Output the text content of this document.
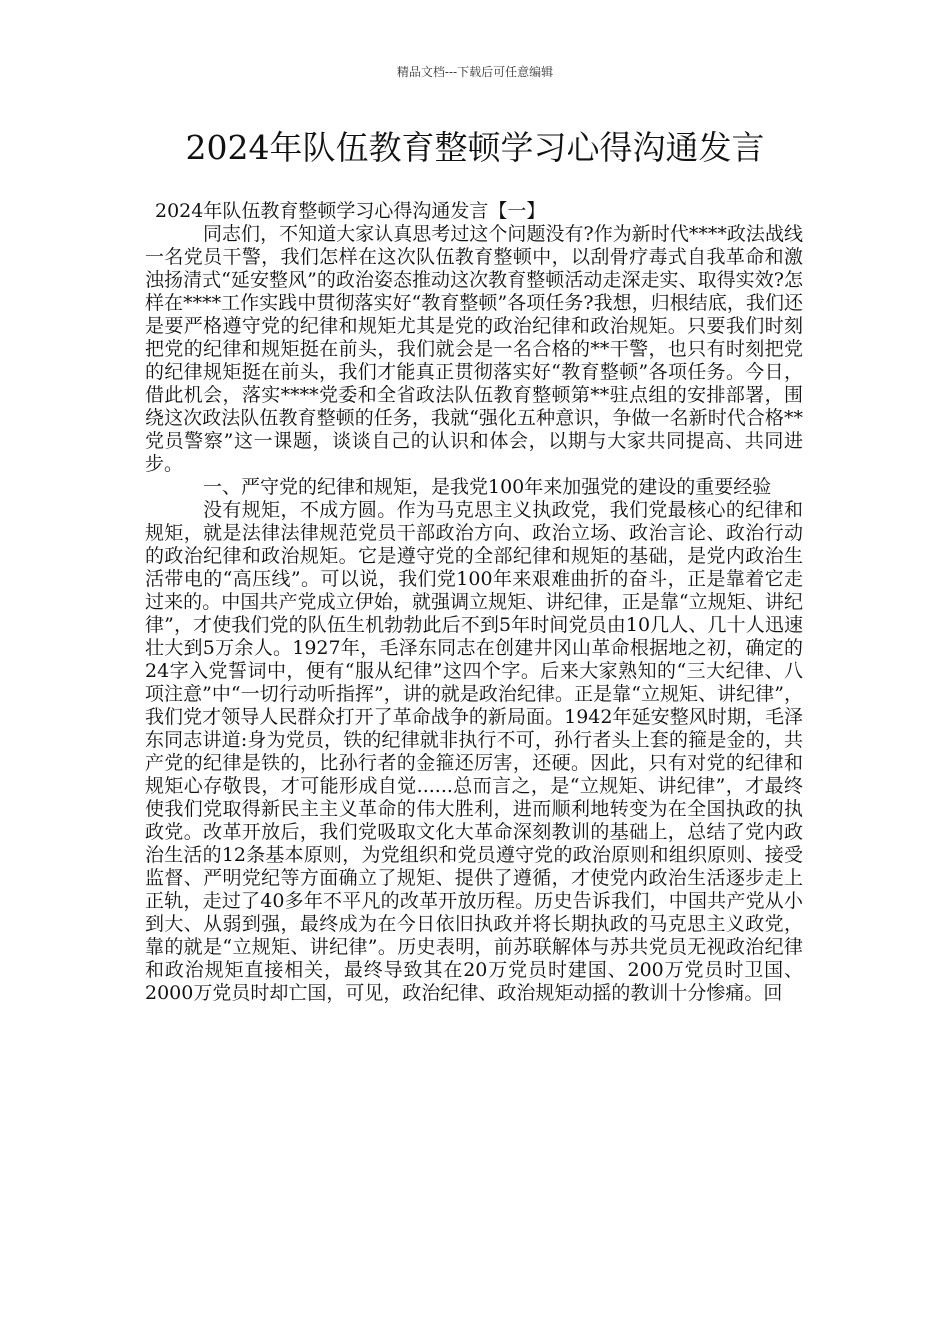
精品文档---下载后可任意编辑
2024年队伍教育整顿学习心得沟通发言
2024年队伍教育整顿学习心得沟通发言【一】

同志们，不知道大家认真思考过这个问题没有?作为新时代****政法战线一名党员干警，我们怎样在这次队伍教育整顿中，以刮骨疗毒式自我革命和激浊扬清式“延安整风”的政治姿态推动这次教育整顿活动走深走实、取得实效?怎样在****工作实践中贯彻落实好“教育整顿”各项任务?我想，归根结底，我们还是要严格遵守党的纪律和规矩尤其是党的政治纪律和政治规矩。只要我们时刻把党的纪律和规矩挺在前头，我们就会是一名合格的**干警，也只有时刻把党的纪律规矩挺在前头，我们才能真正贯彻落实好“教育整顿”各项任务。今日，借此机会，落实****党委和全省政法队伍教育整顿第**驻点组的安排部署，围绕这次政法队伍教育整顿的任务，我就“强化五种意识，争做一名新时代合格**党员警察”这一课题，谈谈自己的认识和体会，以期与大家共同提高、共同进步。

一、严守党的纪律和规矩，是我党100年来加强党的建设的重要经验

没有规矩，不成方圆。作为马克思主义执政党，我们党最核心的纪律和规矩，就是法律法律规范党员干部政治方向、政治立场、政治言论、政治行动的政治纪律和政治规矩。它是遵守党的全部纪律和规矩的基础，是党内政治生活带电的“高压线”。可以说，我们党100年来艰难曲折的奋斗，正是靠着它走过来的。中国共产党成立伊始，就强调立规矩、讲纪律，正是靠“立规矩、讲纪律”，才使我们党的队伍生机勃勃此后不到5年时间党员由10几人、几十人迅速壮大到5万余人。1927年，毛泽东同志在创建井冈山革命根据地之初，确定的24字入党誓词中，便有“服从纪律”这四个字。后来大家熟知的“三大纪律、八项注意”中“一切行动听指挥”，讲的就是政治纪律。正是靠“立规矩、讲纪律”，我们党才领导人民群众打开了革命战争的新局面。1942年延安整风时期，毛泽东同志讲道:身为党员，铁的纪律就非执行不可，孙行者头上套的箍是金的，共产党的纪律是铁的，比孙行者的金箍还厉害，还硬。因此，只有对党的纪律和规矩心存敬畏，才可能形成自觉......总而言之，是“立规矩、讲纪律”，才最终使我们党取得新民主主义革命的伟大胜利，进而顺利地转变为在全国执政的执政党。改革开放后，我们党吸取文化大革命深刻教训的基础上，总结了党内政治生活的12条基本原则，为党组织和党员遵守党的政治原则和组织原则、接受监督、严明党纪等方面确立了规矩、提供了遵循，才使党内政治生活逐步走上正轨，走过了40多年不平凡的改革开放历程。历史告诉我们，中国共产党从小到大、从弱到强，最终成为在今日依旧执政并将长期执政的马克思主义政党，靠的就是“立规矩、讲纪律”。历史表明，前苏联解体与苏共党员无视政治纪律和政治规矩直接相关，最终导致其在20万党员时建国、200万党员时卫国、2000万党员时却亡国，可见，政治纪律、政治规矩动摇的教训十分惨痛。回
